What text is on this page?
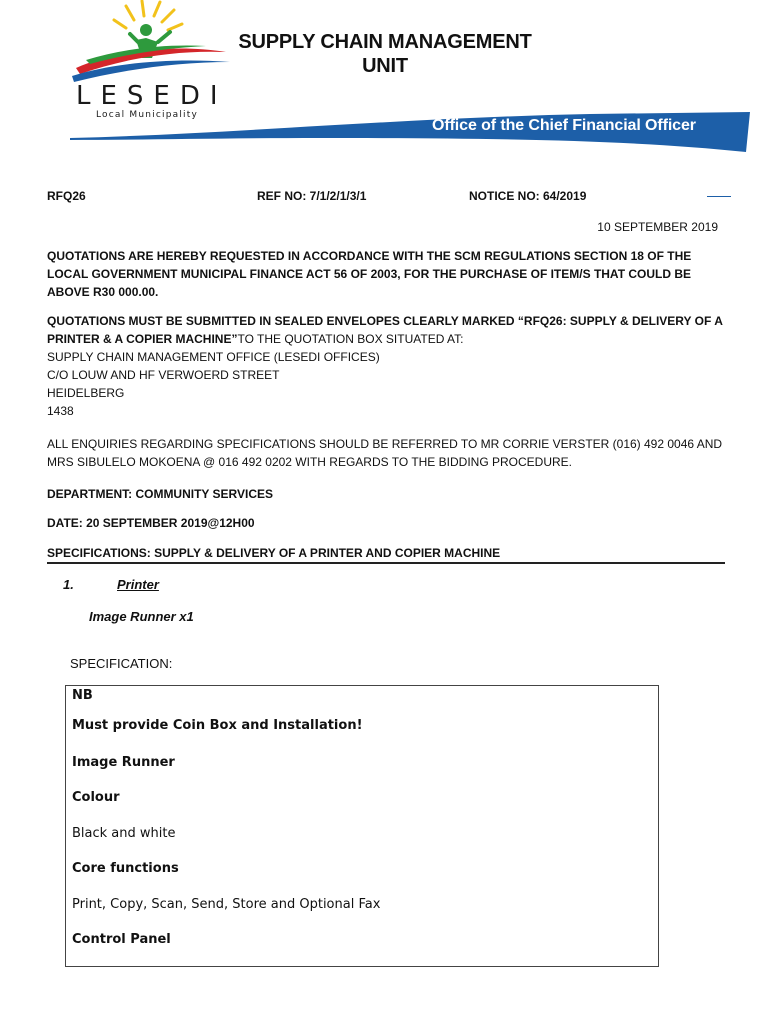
LESEDI
Local Municipality
SUPPLY CHAIN MANAGEMENT
UNIT
Office of the Chief Financial Officer
RFQ26	REF NO: 7/1/2/1/3/1	NOTICE NO: 64/2019
10 SEPTEMBER 2019
QUOTATIONS ARE HEREBY REQUESTED IN ACCORDANCE WITH THE SCM REGULATIONS SECTION 18 OF THE LOCAL GOVERNMENT MUNICIPAL FINANCE ACT 56 OF 2003, FOR THE PURCHASE OF ITEM/S THAT COULD BE ABOVE R30 000.00.
QUOTATIONS MUST BE SUBMITTED IN SEALED ENVELOPES CLEARLY MARKED “RFQ26: SUPPLY & DELIVERY OF A PRINTER & A COPIER MACHINE”TO THE QUOTATION BOX SITUATED AT:
SUPPLY CHAIN MANAGEMENT OFFICE (LESEDI OFFICES)
C/O LOUW AND HF VERWOERD STREET
HEIDELBERG
1438
ALL ENQUIRIES REGARDING SPECIFICATIONS SHOULD BE REFERRED TO MR CORRIE VERSTER (016) 492 0046 AND MRS SIBULELO MOKOENA @ 016 492 0202 WITH REGARDS TO THE BIDDING PROCEDURE.
DEPARTMENT: COMMUNITY SERVICES
DATE: 20 SEPTEMBER 2019@12H00
SPECIFICATIONS: SUPPLY & DELIVERY OF A PRINTER AND COPIER MACHINE
1.	Printer
Image Runner x1
SPECIFICATION:
NB
Must provide Coin Box and Installation!
Image Runner
Colour
Black and white
Core functions
Print, Copy, Scan, Send, Store and Optional Fax
Control Panel
